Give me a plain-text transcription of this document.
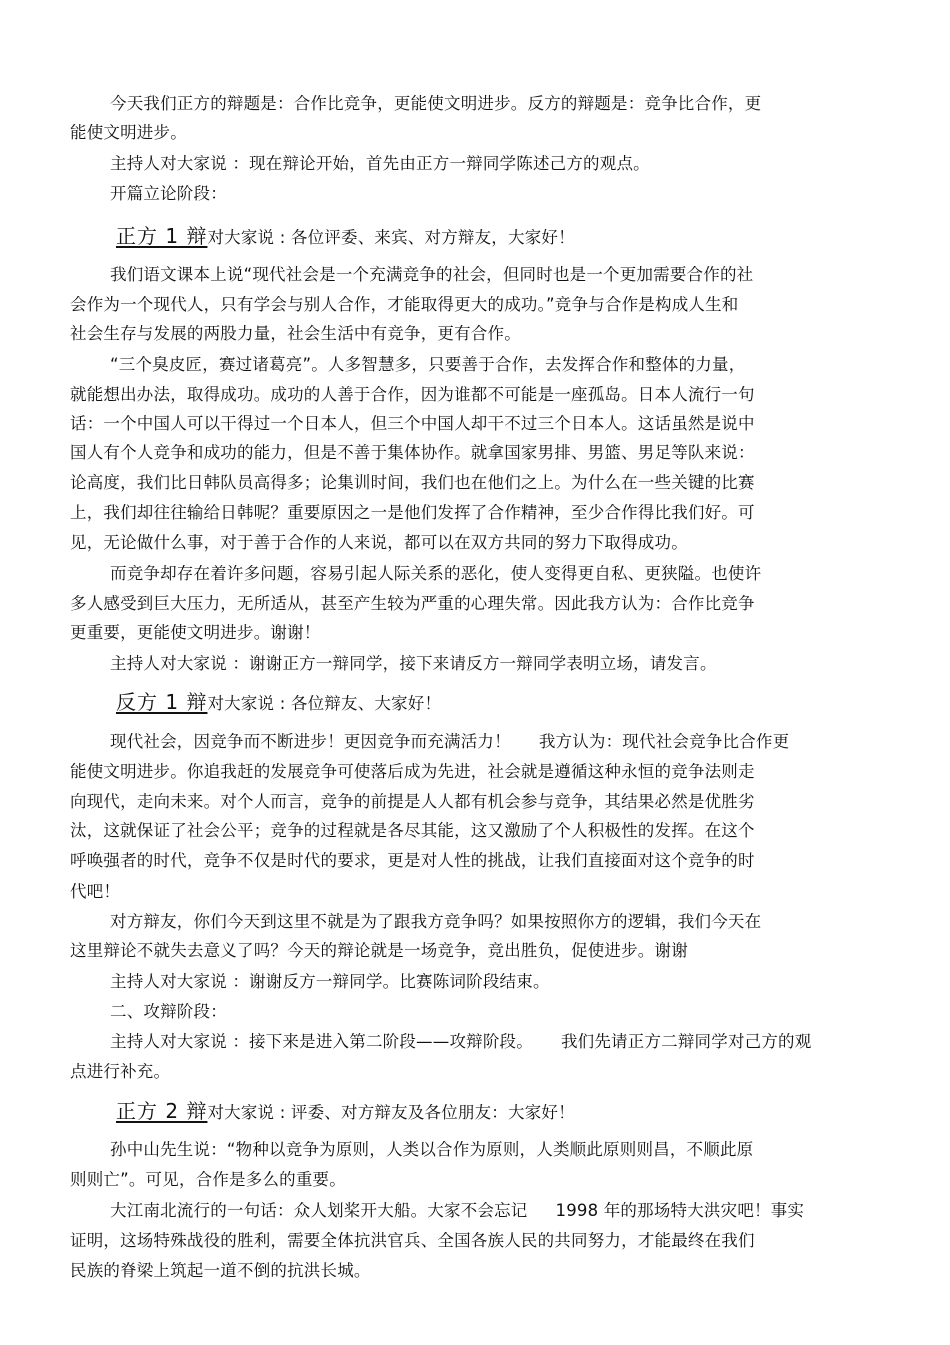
今天我们正方的辩题是：合作比竞争，更能使文明进步。反方的辩题是：竞争比合作，更
能使文明进步。
主持人对大家说 ：现在辩论开始，首先由正方一辩同学陈述己方的观点。
开篇立论阶段：
正方 1 辩对大家说 : 各位评委、来宾、对方辩友，大家好！
我们语文课本上说“现代社会是一个充满竞争的社会，但同时也是一个更加需要合作的社
会作为一个现代人，只有学会与别人合作，才能取得更大的成功。”竞争与合作是构成人生和
社会生存与发展的两股力量，社会生活中有竞争，更有合作。
“三个臭皮匠，赛过诸葛亮”。人多智慧多，只要善于合作，去发挥合作和整体的力量，
就能想出办法，取得成功。成功的人善于合作，因为谁都不可能是一座孤岛。日本人流行一句
话：一个中国人可以干得过一个日本人，但三个中国人却干不过三个日本人。这话虽然是说中
国人有个人竞争和成功的能力，但是不善于集体协作。就拿国家男排、男篮、男足等队来说：
论高度，我们比日韩队员高得多；论集训时间，我们也在他们之上。为什么在一些关键的比赛
上，我们却往往输给日韩呢？重要原因之一是他们发挥了合作精神，至少合作得比我们好。可
见，无论做什么事，对于善于合作的人来说，都可以在双方共同的努力下取得成功。
而竞争却存在着许多问题，容易引起人际关系的恶化，使人变得更自私、更狭隘。也使许
多人感受到巨大压力，无所适从，甚至产生较为严重的心理失常。因此我方认为：合作比竞争
更重要，更能使文明进步。谢谢！
主持人对大家说 ：谢谢正方一辩同学，接下来请反方一辩同学表明立场，请发言。
反方 1 辩对大家说 : 各位辩友、大家好！
现代社会，因竞争而不断进步！更因竞争而充满活力！ 我方认为：现代社会竞争比合作更
能使文明进步。你追我赶的发展竞争可使落后成为先进，社会就是遵循这种永恒的竞争法则走
向现代，走向未来。对个人而言，竞争的前提是人人都有机会参与竞争，其结果必然是优胜劣
汰，这就保证了社会公平；竞争的过程就是各尽其能，这又激励了个人积极性的发挥。在这个
呼唤强者的时代，竞争不仅是时代的要求，更是对人性的挑战，让我们直接面对这个竞争的时
代吧！
对方辩友，你们今天到这里不就是为了跟我方竞争吗？如果按照你方的逻辑，我们今天在
这里辩论不就失去意义了吗？今天的辩论就是一场竞争，竞出胜负，促使进步。谢谢
主持人对大家说 ：谢谢反方一辩同学。比赛陈词阶段结束。
二、攻辩阶段：
主持人对大家说 ：接下来是进入第二阶段——攻辩阶段。 我们先请正方二辩同学对己方的观
点进行补充。
正方 2 辩对大家说 : 评委、对方辩友及各位朋友：大家好！
孙中山先生说：“物种以竞争为原则，人类以合作为原则，人类顺此原则则昌，不顺此原
则则亡”。可见，合作是多么的重要。
大江南北流行的一句话：众人划桨开大船。大家不会忘记 1998 年的那场特大洪灾吧！事实
证明，这场特殊战役的胜利，需要全体抗洪官兵、全国各族人民的共同努力，才能最终在我们
民族的脊梁上筑起一道不倒的抗洪长城。
